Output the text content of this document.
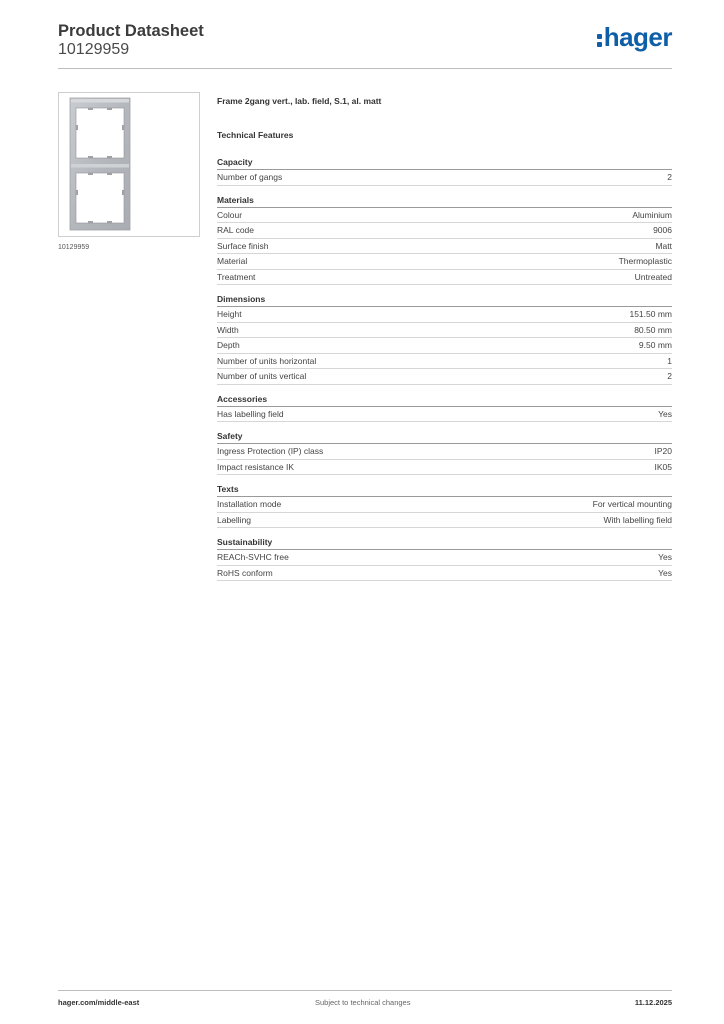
Product Datasheet
10129959	hager
10129959
Frame 2gang vert., lab. field, S.1, al. matt
Technical Features
Capacity
Number of gangs	2
Materials
Colour	Aluminium
RAL code	9006
Surface finish	Matt
Material	Thermoplastic
Treatment	Untreated
Dimensions
Height	151.50 mm
Width	80.50 mm
Depth	9.50 mm
Number of units horizontal	1
Number of units vertical	2
Accessories
Has labelling field	Yes
Safety
Ingress Protection (IP) class	IP20
Impact resistance IK	IK05
Texts
Installation mode	For vertical mounting
Labelling	With labelling field
Sustainability
REACh-SVHC free	Yes
RoHS conform	Yes
hager.com/middle-east	Subject to technical changes	11.12.2025
